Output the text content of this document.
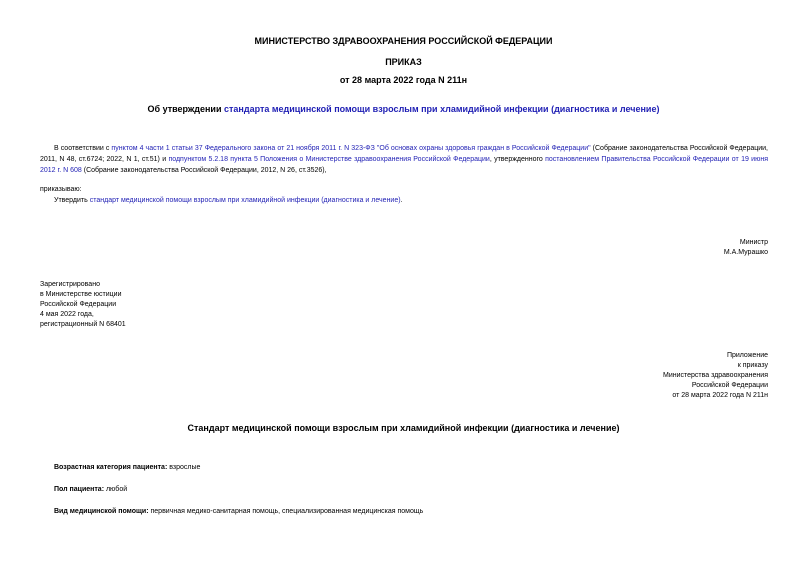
МИНИСТЕРСТВО ЗДРАВООХРАНЕНИЯ РОССИЙСКОЙ ФЕДЕРАЦИИ
ПРИКАЗ
от 28 марта 2022 года N 211н
Об утверждении стандарта медицинской помощи взрослым при хламидийной инфекции (диагностика и лечение)
В соответствии с пунктом 4 части 1 статьи 37 Федерального закона от 21 ноября 2011 г. N 323-ФЗ "Об основах охраны здоровья граждан в Российской Федерации" (Собрание законодательства Российской Федерации, 2011, N 48, ст.6724; 2022, N 1, ст.51) и подпунктом 5.2.18 пункта 5 Положения о Министерстве здравоохранения Российской Федерации, утвержденного постановлением Правительства Российской Федерации от 19 июня 2012 г. N 608 (Собрание законодательства Российской Федерации, 2012, N 26, ст.3526),
приказываю:
Утвердить стандарт медицинской помощи взрослым при хламидийной инфекции (диагностика и лечение).
Министр
М.А.Мурашко
Зарегистрировано
в Министерстве юстиции
Российской Федерации
4 мая 2022 года,
регистрационный N 68401
Приложение
к приказу
Министерства здравоохранения
Российской Федерации
от 28 марта 2022 года N 211н
Стандарт медицинской помощи взрослым при хламидийной инфекции (диагностика и лечение)
Возрастная категория пациента: взрослые
Пол пациента: любой
Вид медицинской помощи: первичная медико-санитарная помощь, специализированная медицинская помощь
